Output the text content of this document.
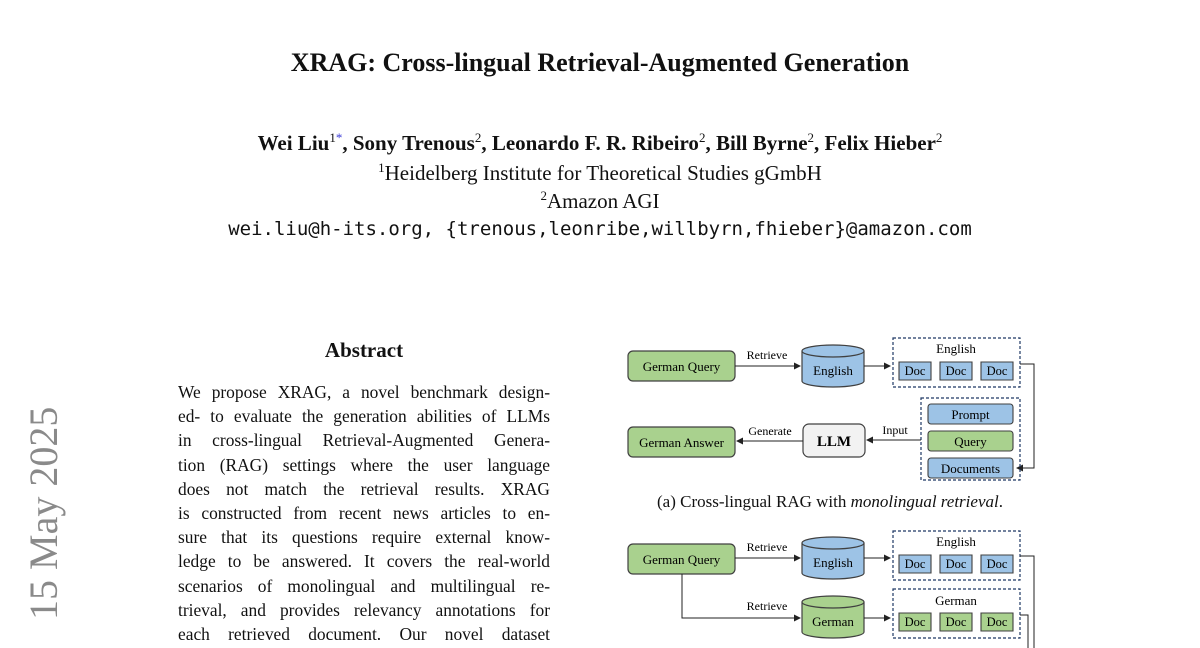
XRAG: Cross-lingual Retrieval-Augmented Generation
Wei Liu$^{1*}$, Sony Trenous$^2$, Leonardo F. R. Ribeiro$^2$, Bill Byrne$^2$, Felix Hieber$^2$
$^1$Heidelberg Institute for Theoretical Studies gGmbH
$^2$Amazon AGI
wei.liu@h-its.org, {trenous,leonribe,willbyrn,fhieber}@amazon.com
15 May 2025
Abstract
We propose XRAG, a novel benchmark design-
ed- to evaluate the generation abilities of LLMs
in cross-lingual Retrieval-Augmented Genera-
tion (RAG) settings where the user language
does not match the retrieval results. XRAG
is constructed from recent news articles to en-
sure that its questions require external know-
ledge to be answered. It covers the real-world
scenarios of monolingual and multilingual re-
trieval, and provides relevancy annotations for
each retrieved document. Our novel dataset
German Query
Retrieve
English
English
Doc Doc Doc
Prompt
Query
Documents
Input
LLM
Generate
German Answer
German Query
Retrieve
English
English
Doc Doc Doc
Retrieve
German
German
Doc Doc Doc
(a) Cross-lingual RAG with monolingual retrieval.
